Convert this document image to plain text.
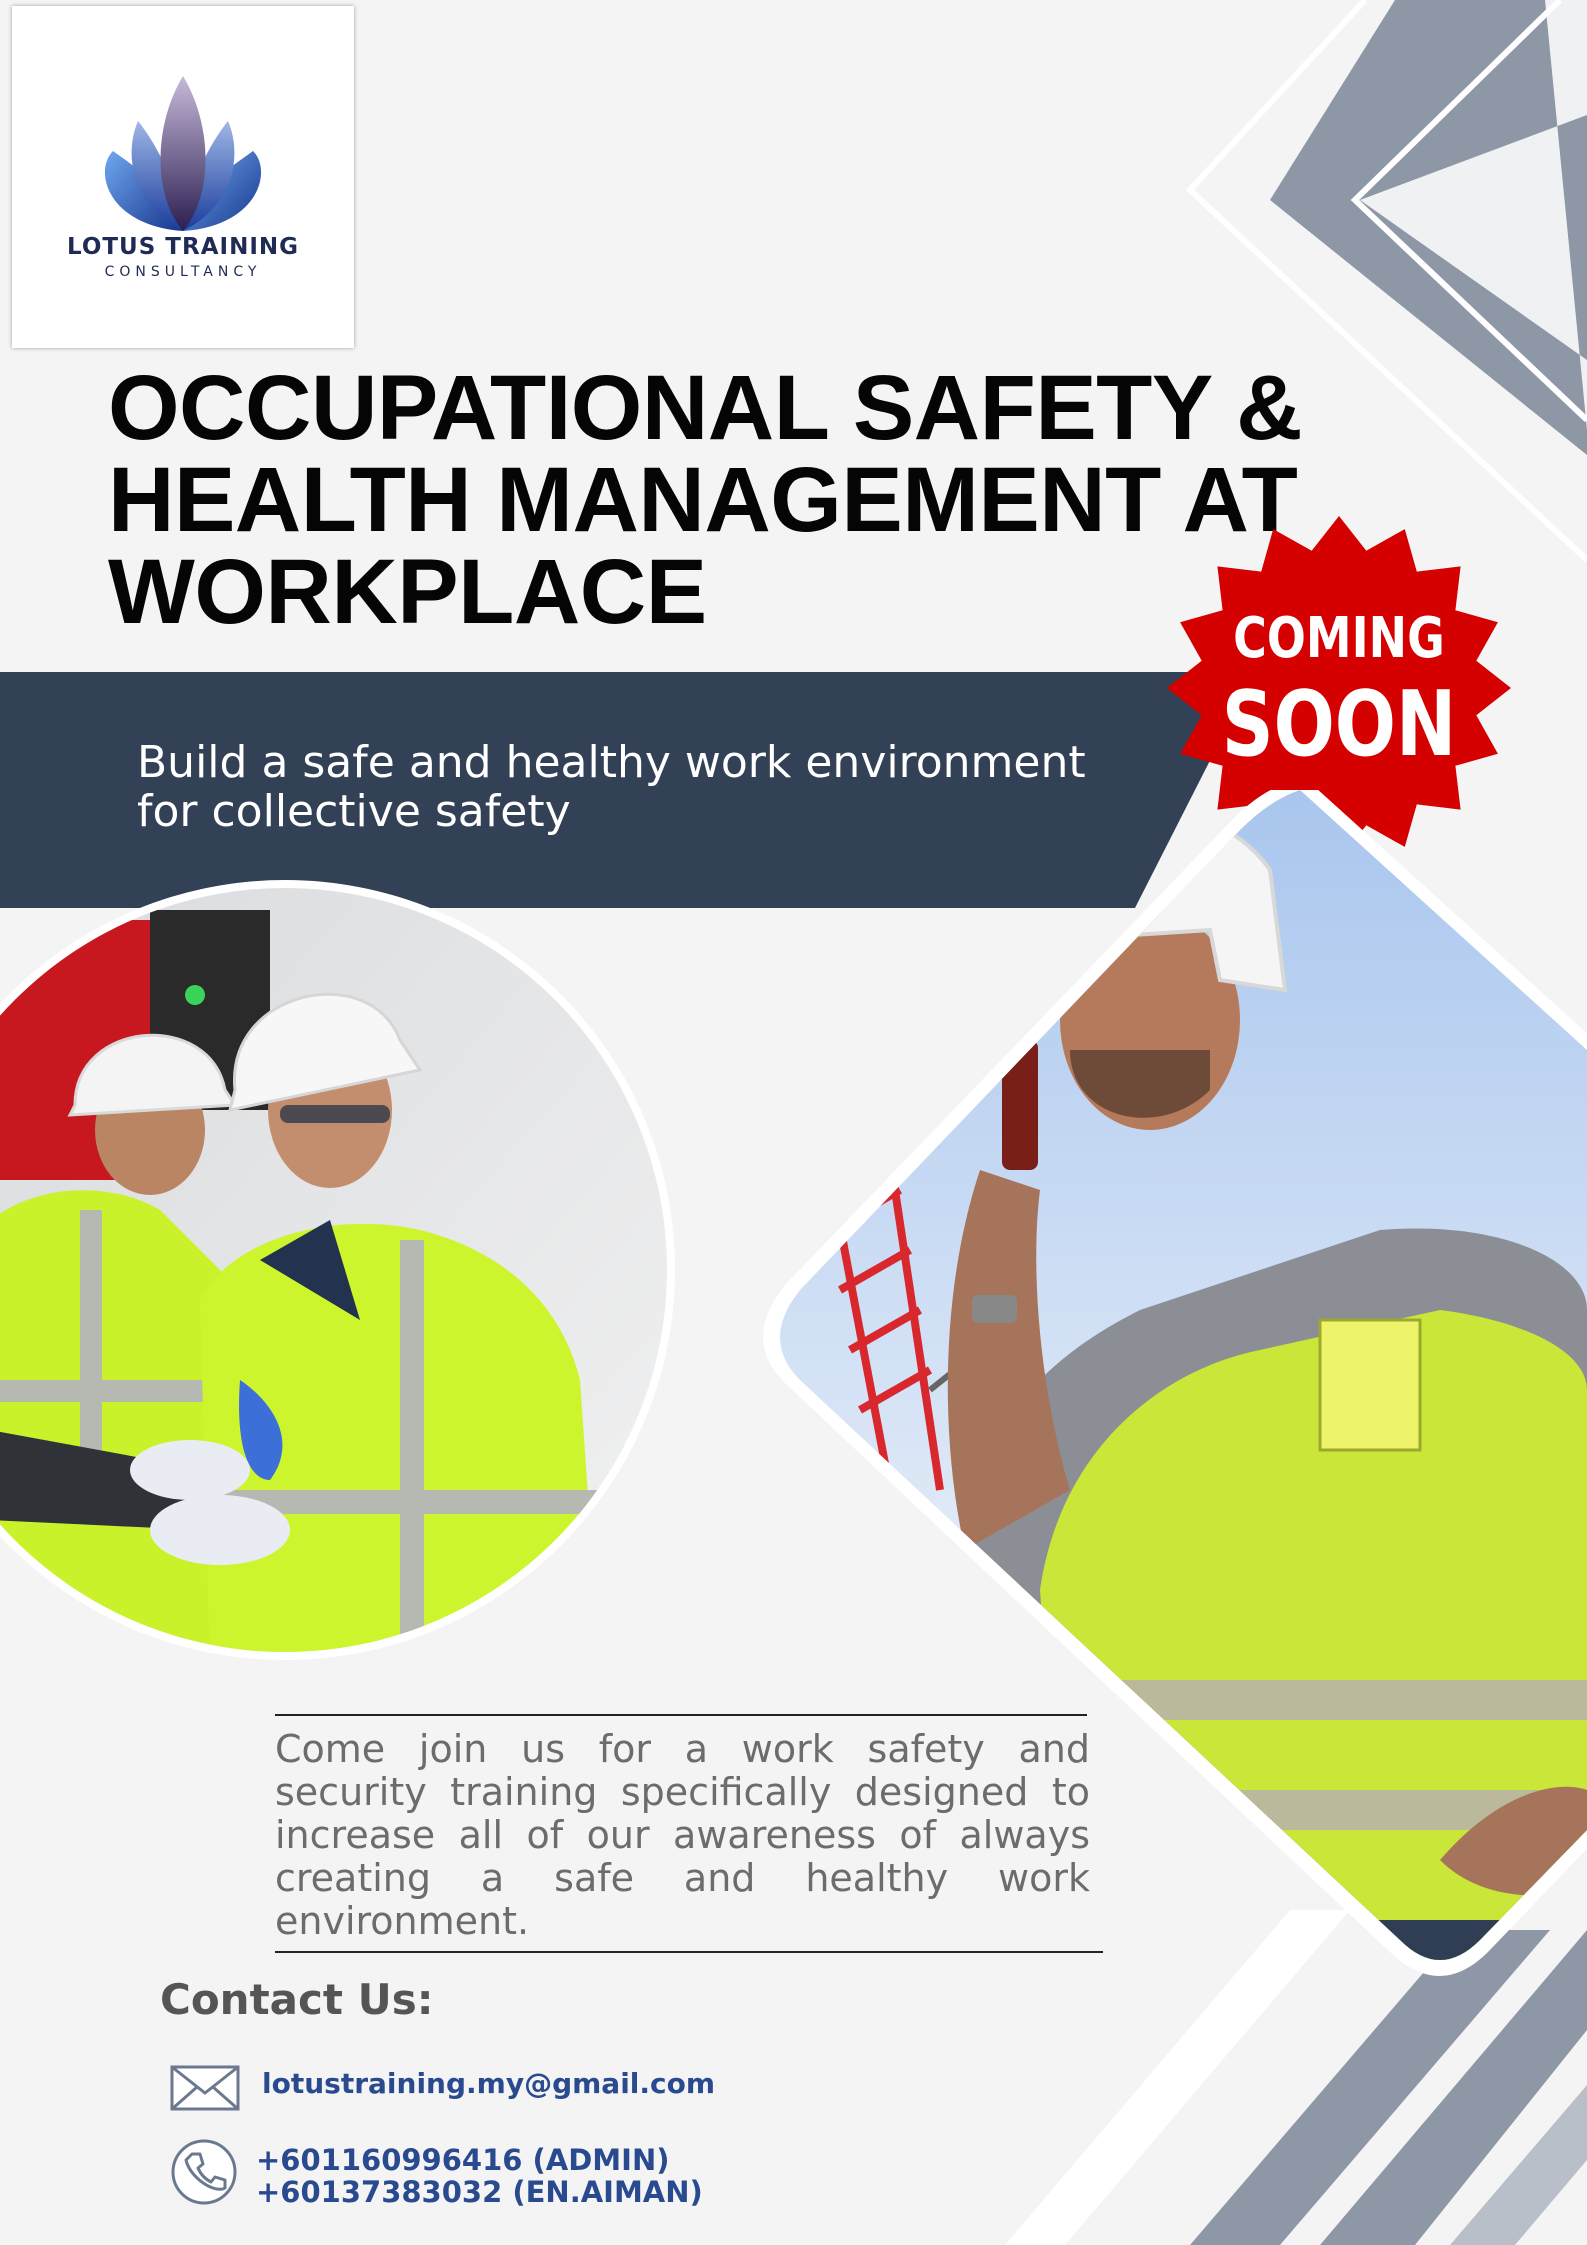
LOTUS TRAINING
CONSULTANCY
OCCUPATIONAL SAFETY &
HEALTH MANAGEMENT AT
WORKPLACE
Build a safe and healthy work environment
for collective safety
COMING
SOON

Come join us for a work safety and security training specifically designed to increase all of our awareness of always creating a safe and healthy work environment.

Contact Us:
lotustraining.my@gmail.com
+601160996416 (ADMIN)
+60137383032 (EN.AIMAN)
